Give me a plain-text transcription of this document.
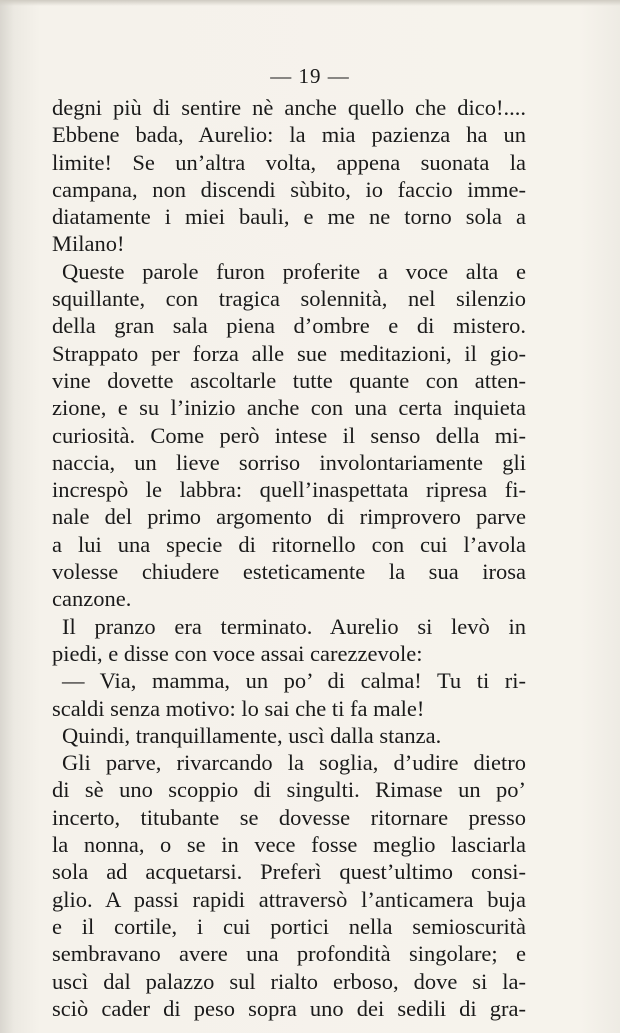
— 19 —
degni più di sentire nè anche quello che dico!....
Ebbene bada, Aurelio: la mia pazienza ha un
limite! Se un’altra volta, appena suonata la
campana, non discendi sùbito, io faccio imme-
diatamente i miei bauli, e me ne torno sola a
Milano!
Queste parole furon proferite a voce alta e
squillante, con tragica solennità, nel silenzio
della gran sala piena d’ombre e di mistero.
Strappato per forza alle sue meditazioni, il gio-
vine dovette ascoltarle tutte quante con atten-
zione, e su l’inizio anche con una certa inquieta
curiosità. Come però intese il senso della mi-
naccia, un lieve sorriso involontariamente gli
increspò le labbra: quell’inaspettata ripresa fi-
nale del primo argomento di rimprovero parve
a lui una specie di ritornello con cui l’avola
volesse chiudere esteticamente la sua irosa
canzone.
Il pranzo era terminato. Aurelio si levò in
piedi, e disse con voce assai carezzevole:
— Via, mamma, un po’ di calma! Tu ti ri-
scaldi senza motivo: lo sai che ti fa male!
Quindi, tranquillamente, uscì dalla stanza.
Gli parve, rivarcando la soglia, d’udire dietro
di sè uno scoppio di singulti. Rimase un po’
incerto, titubante se dovesse ritornare presso
la nonna, o se in vece fosse meglio lasciarla
sola ad acquetarsi. Preferì quest’ultimo consi-
glio. A passi rapidi attraversò l’anticamera buja
e il cortile, i cui portici nella semioscurità
sembravano avere una profondità singolare; e
uscì dal palazzo sul rialto erboso, dove si la-
sciò cader di peso sopra uno dei sedili di gra-
